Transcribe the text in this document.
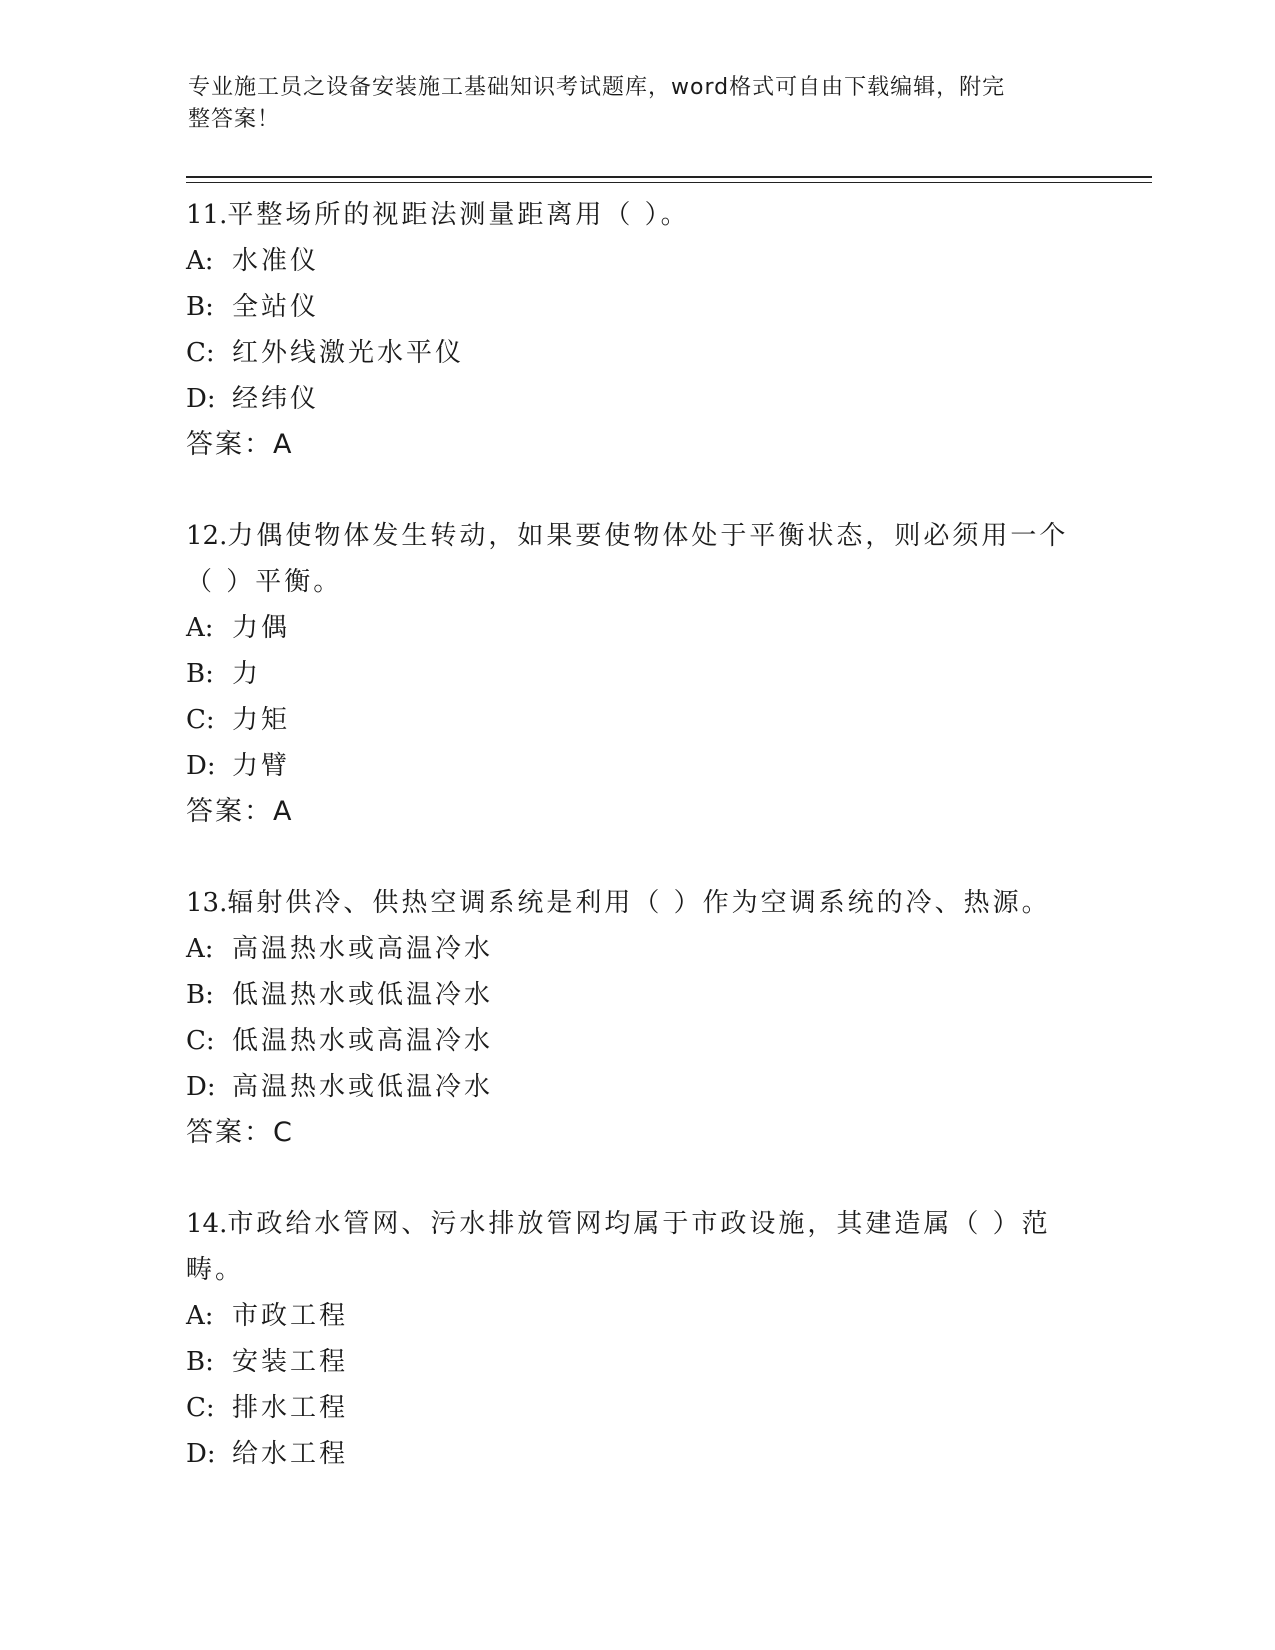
专业施工员之设备安装施工基础知识考试题库，word格式可自由下载编辑，附完
整答案！

11.平整场所的视距法测量距离用（ ）。

A: 水准仪

B: 全站仪

C: 红外线激光水平仪

D: 经纬仪

答案：A

12.力偶使物体发生转动，如果要使物体处于平衡状态，则必须用一个

（ ）平衡。

A: 力偶

B: 力

C: 力矩

D: 力臂

答案：A

13.辐射供冷、供热空调系统是利用（ ）作为空调系统的冷、热源。

A: 高温热水或高温冷水

B: 低温热水或低温冷水

C: 低温热水或高温冷水

D: 高温热水或低温冷水

答案：C

14.市政给水管网、污水排放管网均属于市政设施，其建造属（ ）范

畴。

A: 市政工程

B: 安装工程

C: 排水工程

D: 给水工程
